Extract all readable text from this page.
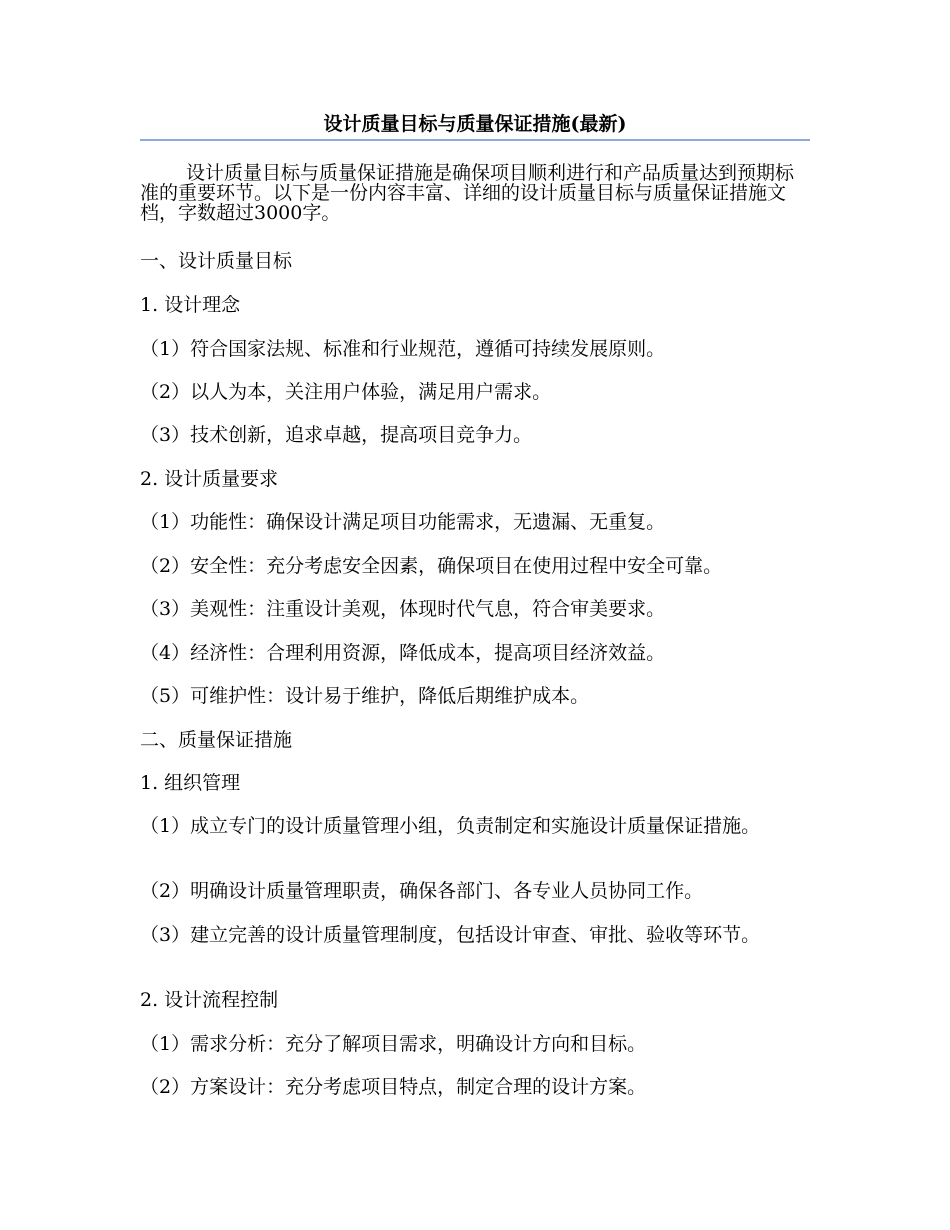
设计质量目标与质量保证措施(最新)
设计质量目标与质量保证措施是确保项目顺利进行和产品质量达到预期标准的重要环节。以下是一份内容丰富、详细的设计质量目标与质量保证措施文档，字数超过3000字。
一、设计质量目标
1. 设计理念
（1）符合国家法规、标准和行业规范，遵循可持续发展原则。
（2）以人为本，关注用户体验，满足用户需求。
（3）技术创新，追求卓越，提高项目竞争力。
2. 设计质量要求
（1）功能性：确保设计满足项目功能需求，无遗漏、无重复。
（2）安全性：充分考虑安全因素，确保项目在使用过程中安全可靠。
（3）美观性：注重设计美观，体现时代气息，符合审美要求。
（4）经济性：合理利用资源，降低成本，提高项目经济效益。
（5）可维护性：设计易于维护，降低后期维护成本。
二、质量保证措施
1. 组织管理
（1）成立专门的设计质量管理小组，负责制定和实施设计质量保证措施。
（2）明确设计质量管理职责，确保各部门、各专业人员协同工作。
（3）建立完善的设计质量管理制度，包括设计审查、审批、验收等环节。
2. 设计流程控制
（1）需求分析：充分了解项目需求，明确设计方向和目标。
（2）方案设计：充分考虑项目特点，制定合理的设计方案。
